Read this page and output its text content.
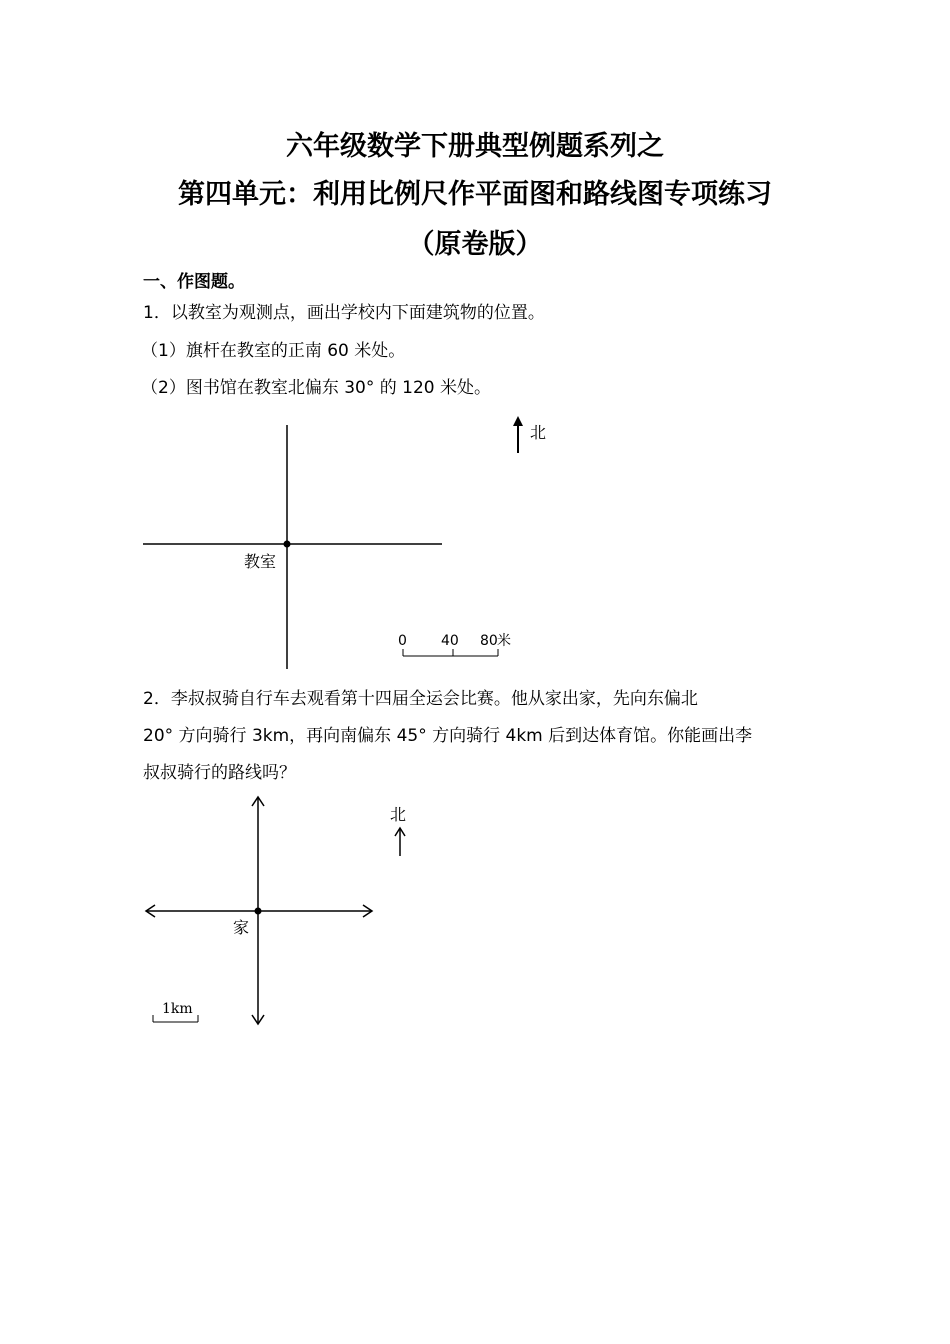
六年级数学下册典型例题系列之
第四单元：利用比例尺作平面图和路线图专项练习
（原卷版）
一、作图题。
1．以教室为观测点，画出学校内下面建筑物的位置。
（1）旗杆在教室的正南 60 米处。
（2）图书馆在教室北偏东 30° 的 120 米处。
北
教室
0 40 80 米
2．李叔叔骑自行车去观看第十四届全运会比赛。他从家出家，先向东偏北
20° 方向骑行 3km，再向南偏东 45° 方向骑行 4km 后到达体育馆。你能画出李
叔叔骑行的路线吗？
北
家
1km
